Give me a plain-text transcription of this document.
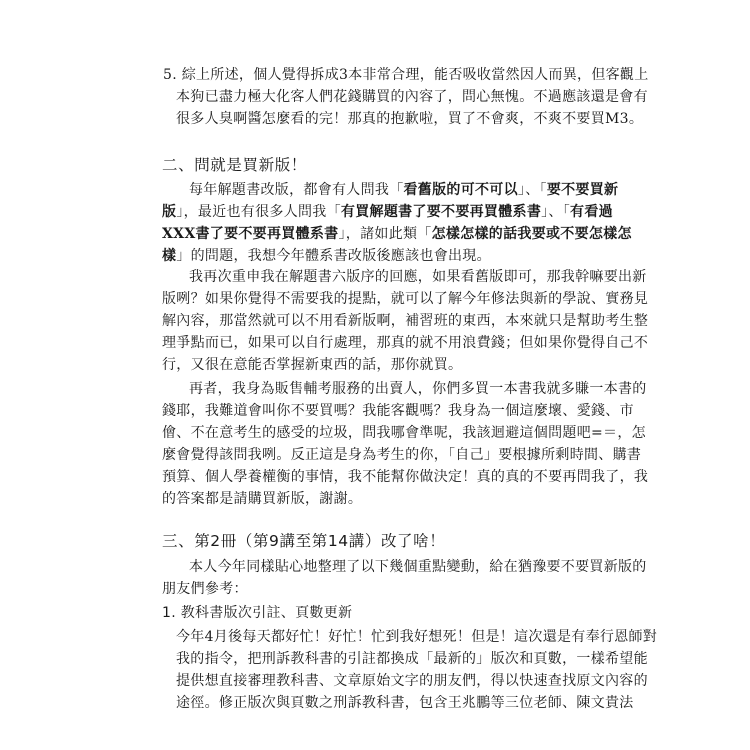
5. 綜上所述，個人覺得拆成3本非常合理，能否吸收當然因人而異，但客觀上
本狗已盡力極大化客人們花錢購買的內容了，問心無愧。不過應該還是會有
很多人臭啊醬怎麼看的完！那真的抱歉啦，買了不會爽，不爽不要買M3。
二、問就是買新版！
每年解題書改版，都會有人問我「看舊版的可不可以」、「要不要買新
版」，最近也有很多人問我「有買解題書了要不要再買體系書」、「有看過
XXX書了要不要再買體系書」，諸如此類「怎樣怎樣的話我要或不要怎樣怎
樣」的問題，我想今年體系書改版後應該也會出現。
我再次重申我在解題書六版序的回應，如果看舊版即可，那我幹嘛要出新
版咧？如果你覺得不需要我的提點，就可以了解今年修法與新的學說、實務見
解內容，那當然就可以不用看新版啊，補習班的東西，本來就只是幫助考生整
理爭點而已，如果可以自行處理，那真的就不用浪費錢；但如果你覺得自己不
行，又很在意能否掌握新東西的話，那你就買。
再者，我身為販售輔考服務的出賣人，你們多買一本書我就多賺一本書的
錢耶，我難道會叫你不要買嗎？我能客觀嗎？我身為一個這麼壞、愛錢、市
儈、不在意考生的感受的垃圾，問我哪會準呢，我該迴避這個問題吧=＝，怎
麼會覺得該問我咧。反正這是身為考生的你，「自己」要根據所剩時間、購書
預算、個人學養權衡的事情，我不能幫你做決定！真的真的不要再問我了，我
的答案都是請購買新版，謝謝。
三、第2冊（第9講至第14講）改了啥！
本人今年同樣貼心地整理了以下幾個重點變動，給在猶豫要不要買新版的
朋友們參考：
1. 教科書版次引註、頁數更新
今年4月後每天都好忙！好忙！忙到我好想死！但是！這次還是有奉行恩師對
我的指令，把刑訴教科書的引註都換成「最新的」版次和頁數，一樣希望能
提供想直接審理教科書、文章原始文字的朋友們，得以快速查找原文內容的
途徑。修正版次與頁數之刑訴教科書，包含王兆鵬等三位老師、陳文貴法
